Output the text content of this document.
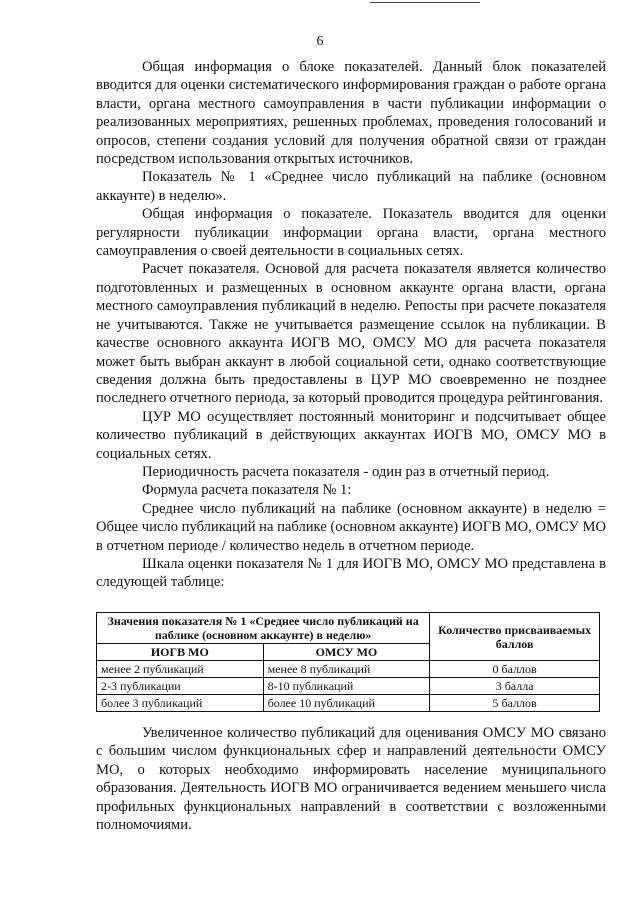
6

Общая информация о блоке показателей. Данный блок показателей вводится для оценки систематического информирования граждан о работе органа власти, органа местного самоуправления в части публикации информации о реализованных мероприятиях, решенных проблемах, проведения голосований и опросов, степени создания условий для получения обратной связи от граждан посредством использования открытых источников.

Показатель № 1 «Среднее число публикаций на паблике (основном аккаунте) в неделю».

Общая информация о показателе. Показатель вводится для оценки регулярности публикации информации органа власти, органа местного самоуправления о своей деятельности в социальных сетях.

Расчет показателя. Основой для расчета показателя является количество подготовленных и размещенных в основном аккаунте органа власти, органа местного самоуправления публикаций в неделю. Репосты при расчете показателя не учитываются. Также не учитывается размещение ссылок на публикации. В качестве основного аккаунта ИОГВ МО, ОМСУ МО для расчета показателя может быть выбран аккаунт в любой социальной сети, однако соответствующие сведения должна быть предоставлены в ЦУР МО своевременно не позднее последнего отчетного периода, за который проводится процедура рейтингования.

ЦУР МО осуществляет постоянный мониторинг и подсчитывает общее количество публикаций в действующих аккаунтах ИОГВ МО, ОМСУ МО в социальных сетях.

Периодичность расчета показателя - один раз в отчетный период.

Формула расчета показателя № 1:

Среднее число публикаций на паблике (основном аккаунте) в неделю = Общее число публикаций на паблике (основном аккаунте) ИОГВ МО, ОМСУ МО в отчетном периоде / количество недель в отчетном периоде.

Шкала оценки показателя № 1 для ИОГВ МО, ОМСУ МО представлена в следующей таблице:

Значения показателя № 1 «Среднее число публикаций на паблике (основном аккаунте) в неделю»		Количество присваиваемых баллов
ИОГВ МО	ОМСУ МО	
менее 2 публикаций	менее 8 публикаций	0 баллов
2-3 публикации	8-10 публикаций	3 балла
более 3 публикаций	более 10 публикаций	5 баллов

Увеличенное количество публикаций для оценивания ОМСУ МО связано с большим числом функциональных сфер и направлений деятельности ОМСУ МО, о которых необходимо информировать население муниципального образования. Деятельность ИОГВ МО ограничивается ведением меньшего числа профильных функциональных направлений в соответствии с возложенными полномочиями.
